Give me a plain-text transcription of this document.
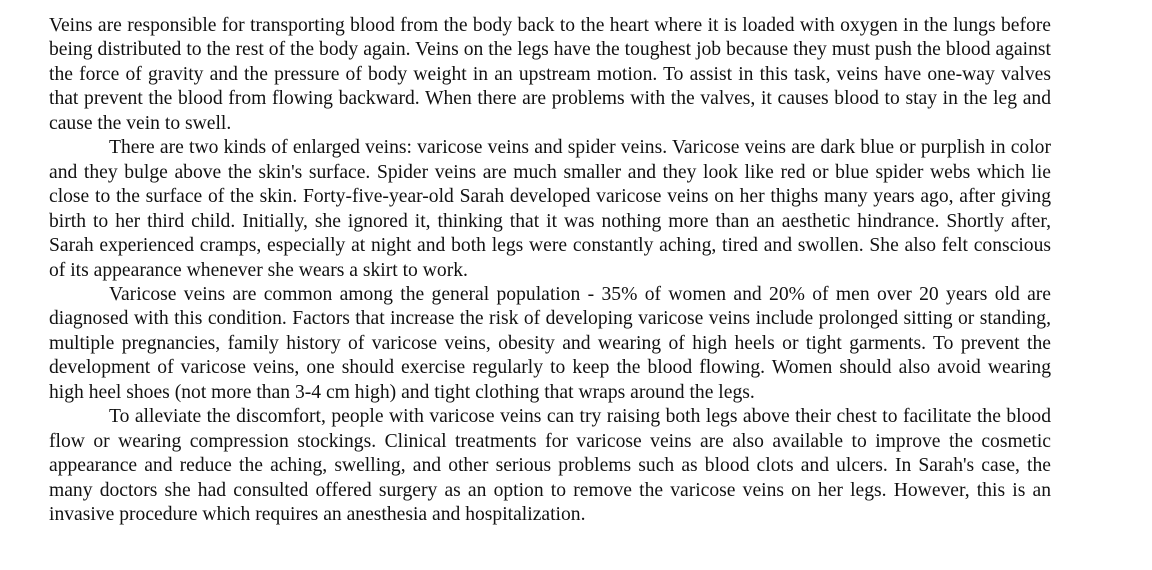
Veins are responsible for transporting blood from the body back to the heart where it is loaded with oxygen in the lungs before being distributed to the rest of the body again. Veins on the legs have the toughest job because they must push the blood against the force of gravity and the pressure of body weight in an upstream motion. To assist in this task, veins have one-way valves that prevent the blood from flowing backward. When there are problems with the valves, it causes blood to stay in the leg and cause the vein to swell.

There are two kinds of enlarged veins: varicose veins and spider veins. Varicose veins are dark blue or purplish in color and they bulge above the skin's surface. Spider veins are much smaller and they look like red or blue spider webs which lie close to the surface of the skin. Forty-five-year-old Sarah developed varicose veins on her thighs many years ago, after giving birth to her third child. Initially, she ignored it, thinking that it was nothing more than an aesthetic hindrance. Shortly after, Sarah experienced cramps, especially at night and both legs were constantly aching, tired and swollen. She also felt conscious of its appearance whenever she wears a skirt to work.

Varicose veins are common among the general population - 35% of women and 20% of men over 20 years old are diagnosed with this condition. Factors that increase the risk of developing varicose veins include prolonged sitting or standing, multiple pregnancies, family history of varicose veins, obesity and wearing of high heels or tight garments. To prevent the development of varicose veins, one should exercise regularly to keep the blood flowing. Women should also avoid wearing high heel shoes (not more than 3-4 cm high) and tight clothing that wraps around the legs.

To alleviate the discomfort, people with varicose veins can try raising both legs above their chest to facilitate the blood flow or wearing compression stockings. Clinical treatments for varicose veins are also available to improve the cosmetic appearance and reduce the aching, swelling, and other serious problems such as blood clots and ulcers. In Sarah's case, the many doctors she had consulted offered surgery as an option to remove the varicose veins on her legs. However, this is an invasive procedure which requires an anesthesia and hospitalization.
